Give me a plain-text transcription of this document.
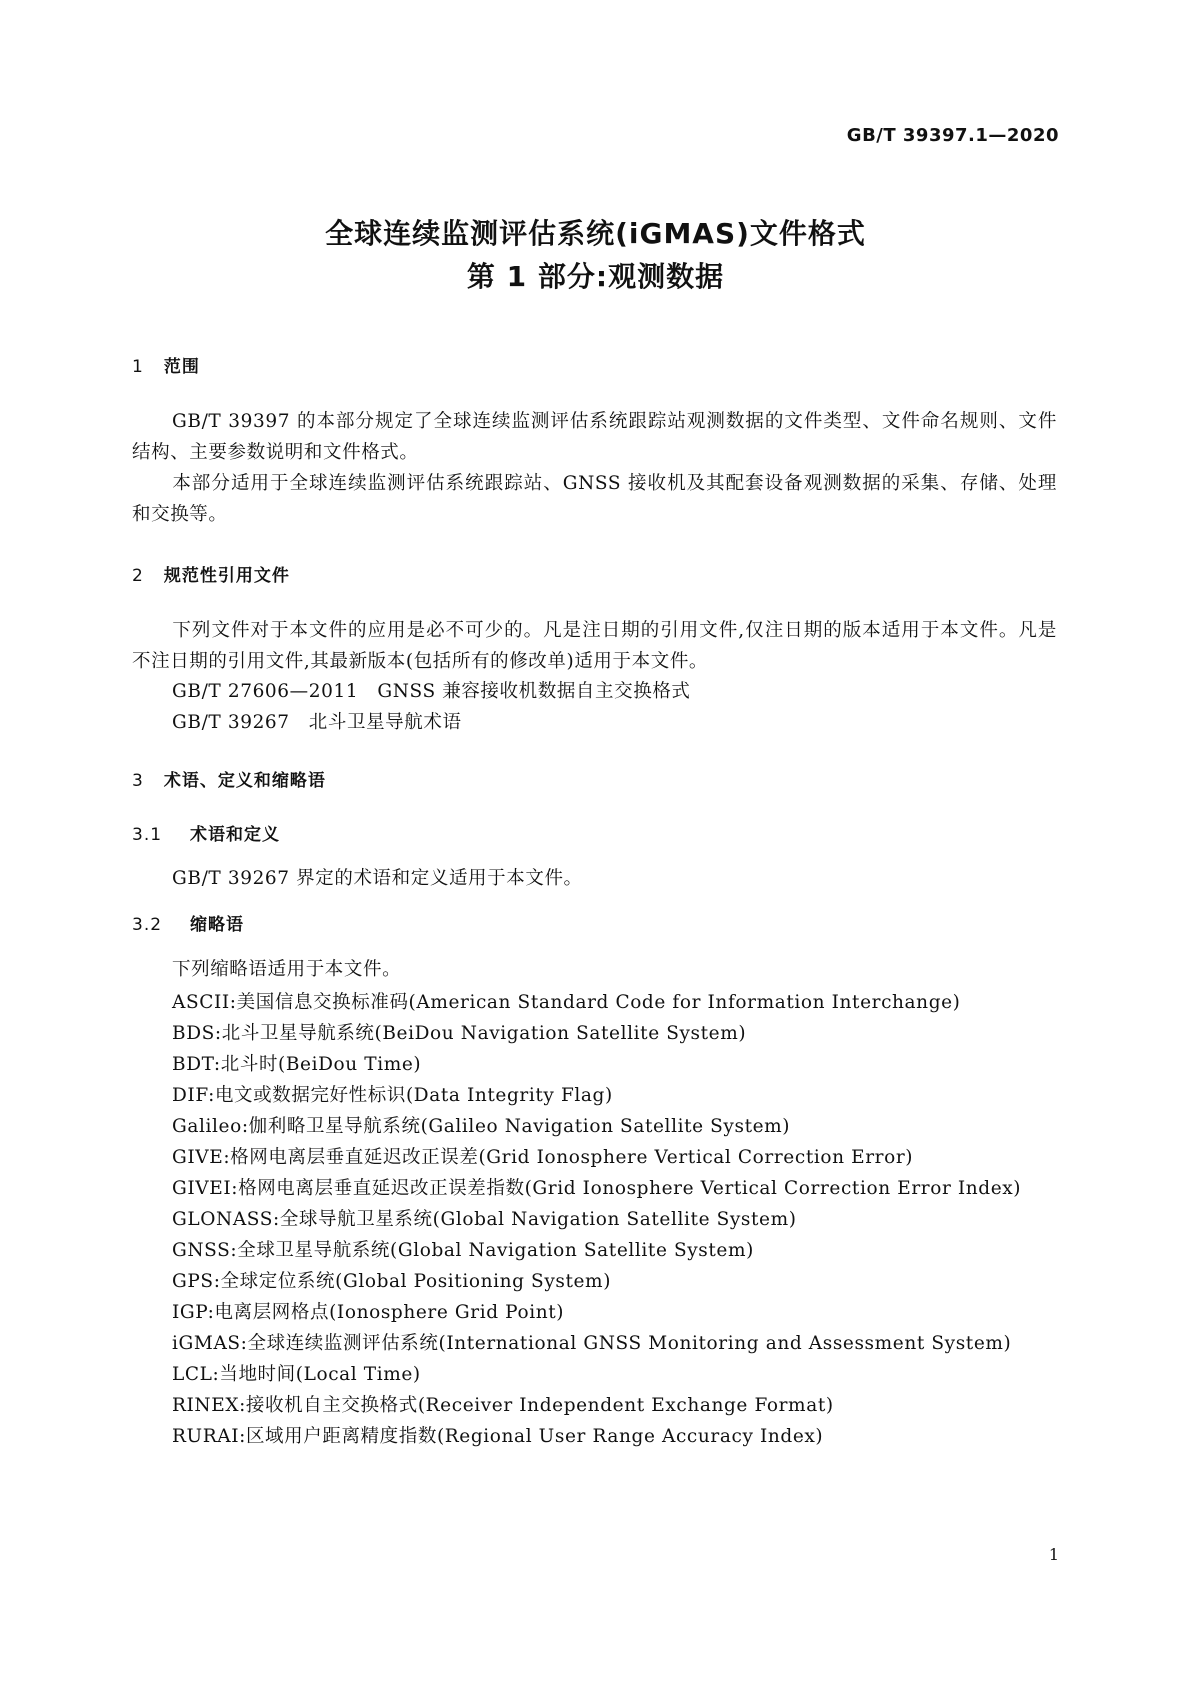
GB/T 39397.1—2020
全球连续监测评估系统(iGMAS)文件格式
第 1 部分:观测数据
1 范围
GB/T 39397 的本部分规定了全球连续监测评估系统跟踪站观测数据的文件类型、文件命名规则、文件结构、主要参数说明和文件格式。
本部分适用于全球连续监测评估系统跟踪站、GNSS 接收机及其配套设备观测数据的采集、存储、处理和交换等。
2 规范性引用文件
下列文件对于本文件的应用是必不可少的。凡是注日期的引用文件,仅注日期的版本适用于本文件。凡是不注日期的引用文件,其最新版本(包括所有的修改单)适用于本文件。
GB/T 27606—2011　GNSS 兼容接收机数据自主交换格式
GB/T 39267　北斗卫星导航术语
3 术语、定义和缩略语
3.1 术语和定义
GB/T 39267 界定的术语和定义适用于本文件。
3.2 缩略语
下列缩略语适用于本文件。
ASCII:美国信息交换标准码(American Standard Code for Information Interchange)
BDS:北斗卫星导航系统(BeiDou Navigation Satellite System)
BDT:北斗时(BeiDou Time)
DIF:电文或数据完好性标识(Data Integrity Flag)
Galileo:伽利略卫星导航系统(Galileo Navigation Satellite System)
GIVE:格网电离层垂直延迟改正误差(Grid Ionosphere Vertical Correction Error)
GIVEI:格网电离层垂直延迟改正误差指数(Grid Ionosphere Vertical Correction Error Index)
GLONASS:全球导航卫星系统(Global Navigation Satellite System)
GNSS:全球卫星导航系统(Global Navigation Satellite System)
GPS:全球定位系统(Global Positioning System)
IGP:电离层网格点(Ionosphere Grid Point)
iGMAS:全球连续监测评估系统(International GNSS Monitoring and Assessment System)
LCL:当地时间(Local Time)
RINEX:接收机自主交换格式(Receiver Independent Exchange Format)
RURAI:区域用户距离精度指数(Regional User Range Accuracy Index)
1
